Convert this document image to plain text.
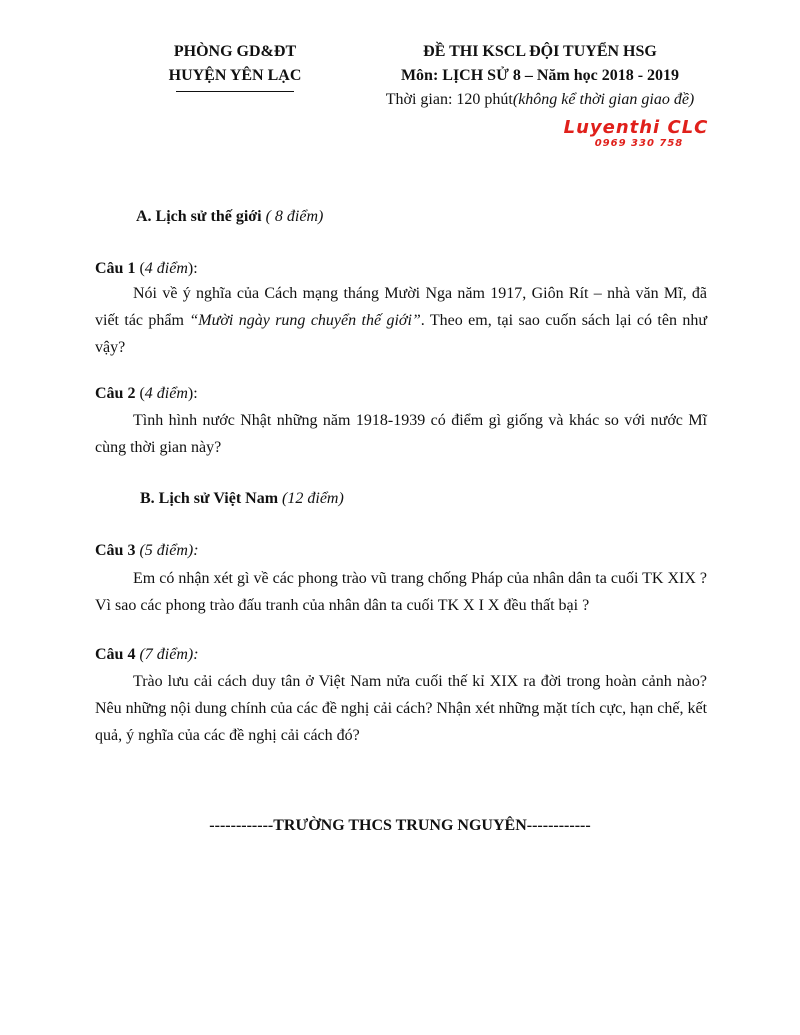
PHÒNG GD&ĐT
HUYỆN YÊN LẠC
ĐỀ THI KSCL ĐỘI TUYỂN HSG
Môn: LỊCH SỬ 8 – Năm học 2018 - 2019
Thời gian: 120 phút(không kể thời gian giao đề)
Luyenthi CLC
0969 330 758
A. Lịch sử thế giới ( 8 điểm)
Câu 1 (4 điểm):
Nói về ý nghĩa của Cách mạng tháng Mười Nga năm 1917, Giôn Rít – nhà văn Mĩ, đã viết tác phẩm “Mười ngày rung chuyển thế giới”. Theo em, tại sao cuốn sách lại có tên như vậy?
Câu 2 (4 điểm):
Tình hình nước Nhật những năm 1918-1939 có điểm gì giống và khác so với nước Mĩ cùng thời gian này?
B. Lịch sử Việt Nam (12 điểm)
Câu 3 (5 điểm):
Em có nhận xét gì về các phong trào vũ trang chống Pháp của nhân dân ta cuối TK XIX ? Vì sao các phong trào đấu tranh của nhân dân ta cuối TK X I X đều thất bại ?
Câu 4 (7 điểm):
Trào lưu cải cách duy tân ở Việt Nam nửa cuối thế kỉ XIX ra đời trong hoàn cảnh nào? Nêu những nội dung chính của các đề nghị cải cách? Nhận xét những mặt tích cực, hạn chế, kết quả, ý nghĩa của các đề nghị cải cách đó?
------------TRƯỜNG THCS TRUNG NGUYÊN------------
